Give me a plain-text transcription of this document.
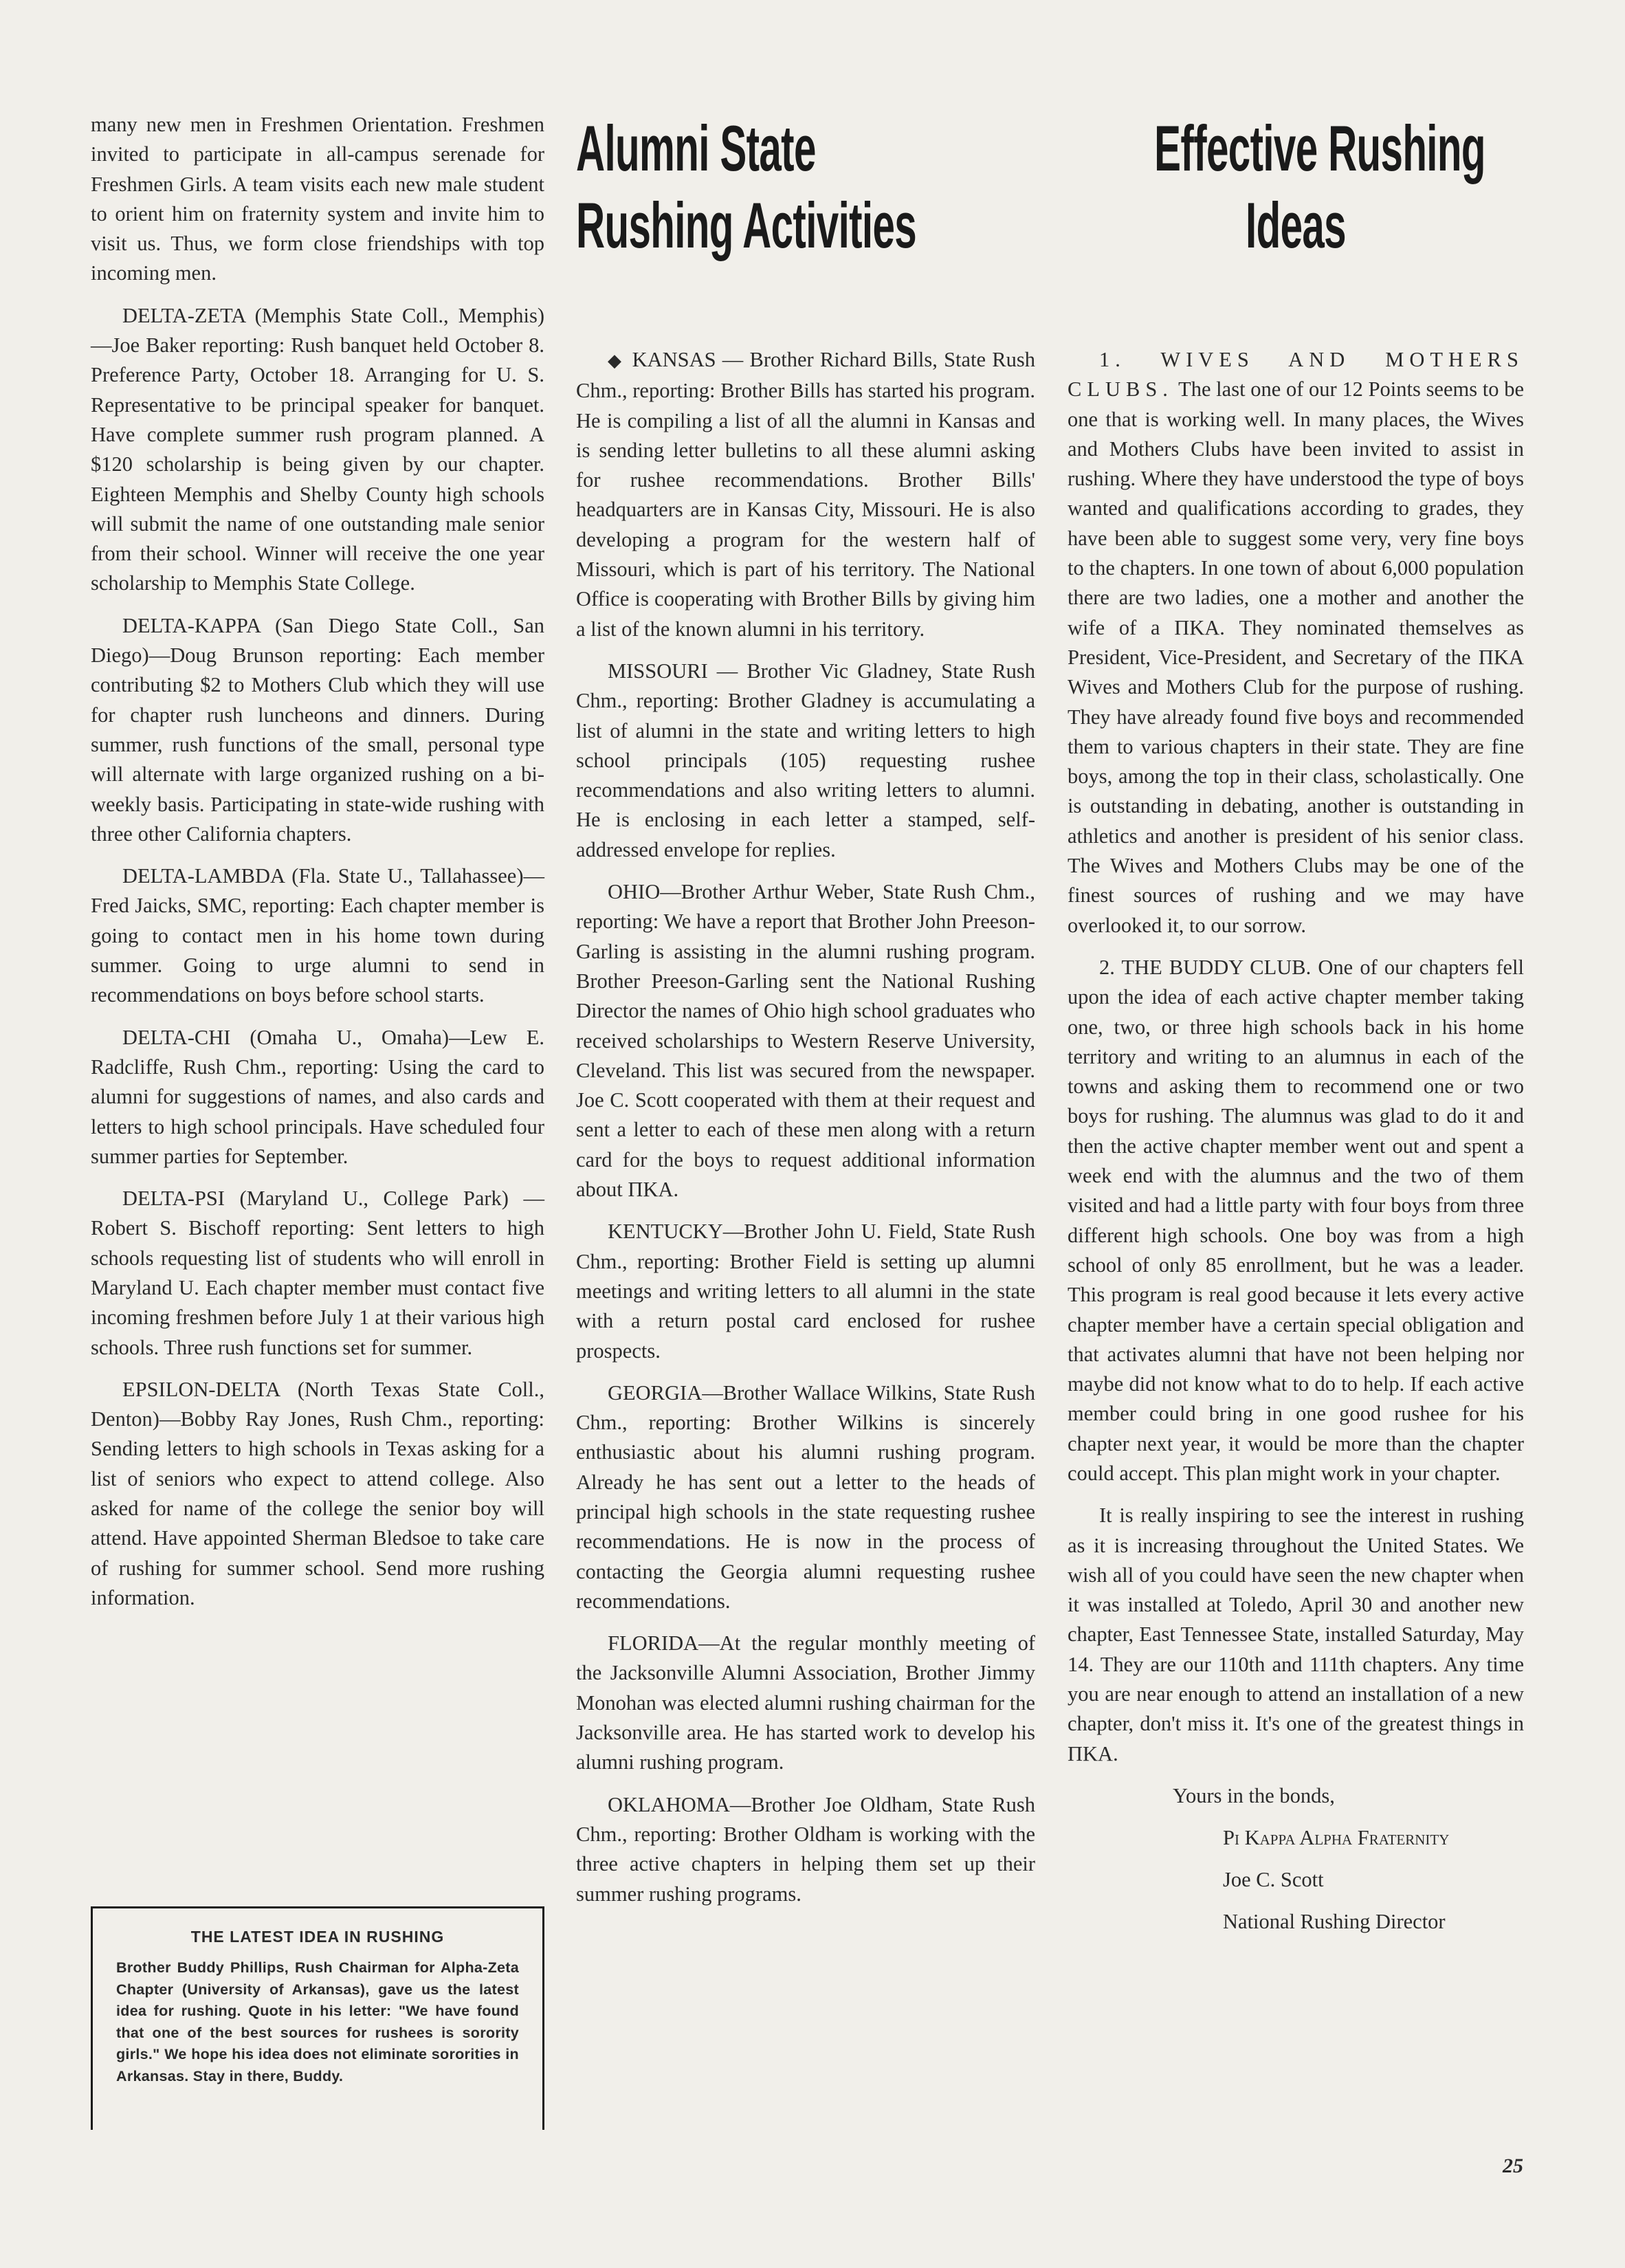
many new men in Freshmen Orientation. Freshmen invited to participate in all-campus serenade for Freshmen Girls. A team visits each new male student to orient him on fraternity system and invite him to visit us. Thus, we form close friendships with top incoming men.

DELTA-ZETA (Memphis State Coll., Memphis)—Joe Baker reporting: Rush banquet held October 8. Preference Party, October 18. Arranging for U. S. Representative to be principal speaker for banquet. Have complete summer rush program planned. A $120 scholarship is being given by our chapter. Eighteen Memphis and Shelby County high schools will submit the name of one outstanding male senior from their school. Winner will receive the one year scholarship to Memphis State College.

DELTA-KAPPA (San Diego State Coll., San Diego)—Doug Brunson reporting: Each member contributing $2 to Mothers Club which they will use for chapter rush luncheons and dinners. During summer, rush functions of the small, personal type will alternate with large organized rushing on a bi-weekly basis. Participating in state-wide rushing with three other California chapters.

DELTA-LAMBDA (Fla. State U., Tallahassee)—Fred Jaicks, SMC, reporting: Each chapter member is going to contact men in his home town during summer. Going to urge alumni to send in recommendations on boys before school starts.

DELTA-CHI (Omaha U., Omaha)—Lew E. Radcliffe, Rush Chm., reporting: Using the card to alumni for suggestions of names, and also cards and letters to high school principals. Have scheduled four summer parties for September.

DELTA-PSI (Maryland U., College Park) — Robert S. Bischoff reporting: Sent letters to high schools requesting list of students who will enroll in Maryland U. Each chapter member must contact five incoming freshmen before July 1 at their various high schools. Three rush functions set for summer.

EPSILON-DELTA (North Texas State Coll., Denton)—Bobby Ray Jones, Rush Chm., reporting: Sending letters to high schools in Texas asking for a list of seniors who expect to attend college. Also asked for name of the college the senior boy will attend. Have appointed Sherman Bledsoe to take care of rushing for summer school. Send more rushing information.

THE LATEST IDEA IN RUSHING
Brother Buddy Phillips, Rush Chairman for Alpha-Zeta Chapter (University of Arkansas), gave us the latest idea for rushing. Quote in his letter: "We have found that one of the best sources for rushees is sorority girls." We hope his idea does not eliminate sororities in Arkansas. Stay in there, Buddy.
Alumni State
Rushing Activities

◆ KANSAS — Brother Richard Bills, State Rush Chm., reporting: Brother Bills has started his program. He is compiling a list of all the alumni in Kansas and is sending letter bulletins to all these alumni asking for rushee recommendations. Brother Bills' headquarters are in Kansas City, Missouri. He is also developing a program for the western half of Missouri, which is part of his territory. The National Office is cooperating with Brother Bills by giving him a list of the known alumni in his territory.

MISSOURI — Brother Vic Gladney, State Rush Chm., reporting: Brother Gladney is accumulating a list of alumni in the state and writing letters to high school principals (105) requesting rushee recommendations and also writing letters to alumni. He is enclosing in each letter a stamped, self-addressed envelope for replies.

OHIO—Brother Arthur Weber, State Rush Chm., reporting: We have a report that Brother John Preeson-Garling is assisting in the alumni rushing program. Brother Preeson-Garling sent the National Rushing Director the names of Ohio high school graduates who received scholarships to Western Reserve University, Cleveland. This list was secured from the newspaper. Joe C. Scott cooperated with them at their request and sent a letter to each of these men along with a return card for the boys to request additional information about ΠΚΑ.

KENTUCKY—Brother John U. Field, State Rush Chm., reporting: Brother Field is setting up alumni meetings and writing letters to all alumni in the state with a return postal card enclosed for rushee prospects.

GEORGIA—Brother Wallace Wilkins, State Rush Chm., reporting: Brother Wilkins is sincerely enthusiastic about his alumni rushing program. Already he has sent out a letter to the heads of principal high schools in the state requesting rushee recommendations. He is now in the process of contacting the Georgia alumni requesting rushee recommendations.

FLORIDA—At the regular monthly meeting of the Jacksonville Alumni Association, Brother Jimmy Monohan was elected alumni rushing chairman for the Jacksonville area. He has started work to develop his alumni rushing program.

OKLAHOMA—Brother Joe Oldham, State Rush Chm., reporting: Brother Oldham is working with the three active chapters in helping them set up their summer rushing programs.

Effective Rushing
Ideas

1. WIVES AND MOTHERS CLUBS. The last one of our 12 Points seems to be one that is working well. In many places, the Wives and Mothers Clubs have been invited to assist in rushing. Where they have understood the type of boys wanted and qualifications according to grades, they have been able to suggest some very, very fine boys to the chapters. In one town of about 6,000 population there are two ladies, one a mother and another the wife of a ΠΚΑ. They nominated themselves as President, Vice-President, and Secretary of the ΠΚΑ Wives and Mothers Club for the purpose of rushing. They have already found five boys and recommended them to various chapters in their state. They are fine boys, among the top in their class, scholastically. One is outstanding in debating, another is outstanding in athletics and another is president of his senior class. The Wives and Mothers Clubs may be one of the finest sources of rushing and we may have overlooked it, to our sorrow.

2. THE BUDDY CLUB. One of our chapters fell upon the idea of each active chapter member taking one, two, or three high schools back in his home territory and writing to an alumnus in each of the towns and asking them to recommend one or two boys for rushing. The alumnus was glad to do it and then the active chapter member went out and spent a week end with the alumnus and the two of them visited and had a little party with four boys from three different high schools. One boy was from a high school of only 85 enrollment, but he was a leader. This program is real good because it lets every active chapter member have a certain special obligation and that activates alumni that have not been helping nor maybe did not know what to do to help. If each active member could bring in one good rushee for his chapter next year, it would be more than the chapter could accept. This plan might work in your chapter.

It is really inspiring to see the interest in rushing as it is increasing throughout the United States. We wish all of you could have seen the new chapter when it was installed at Toledo, April 30 and another new chapter, East Tennessee State, installed Saturday, May 14. They are our 110th and 111th chapters. Any time you are near enough to attend an installation of a new chapter, don't miss it. It's one of the greatest things in ΠΚΑ.

Yours in the bonds,

Pi Kappa Alpha Fraternity

Joe C. Scott

National Rushing Director

25
